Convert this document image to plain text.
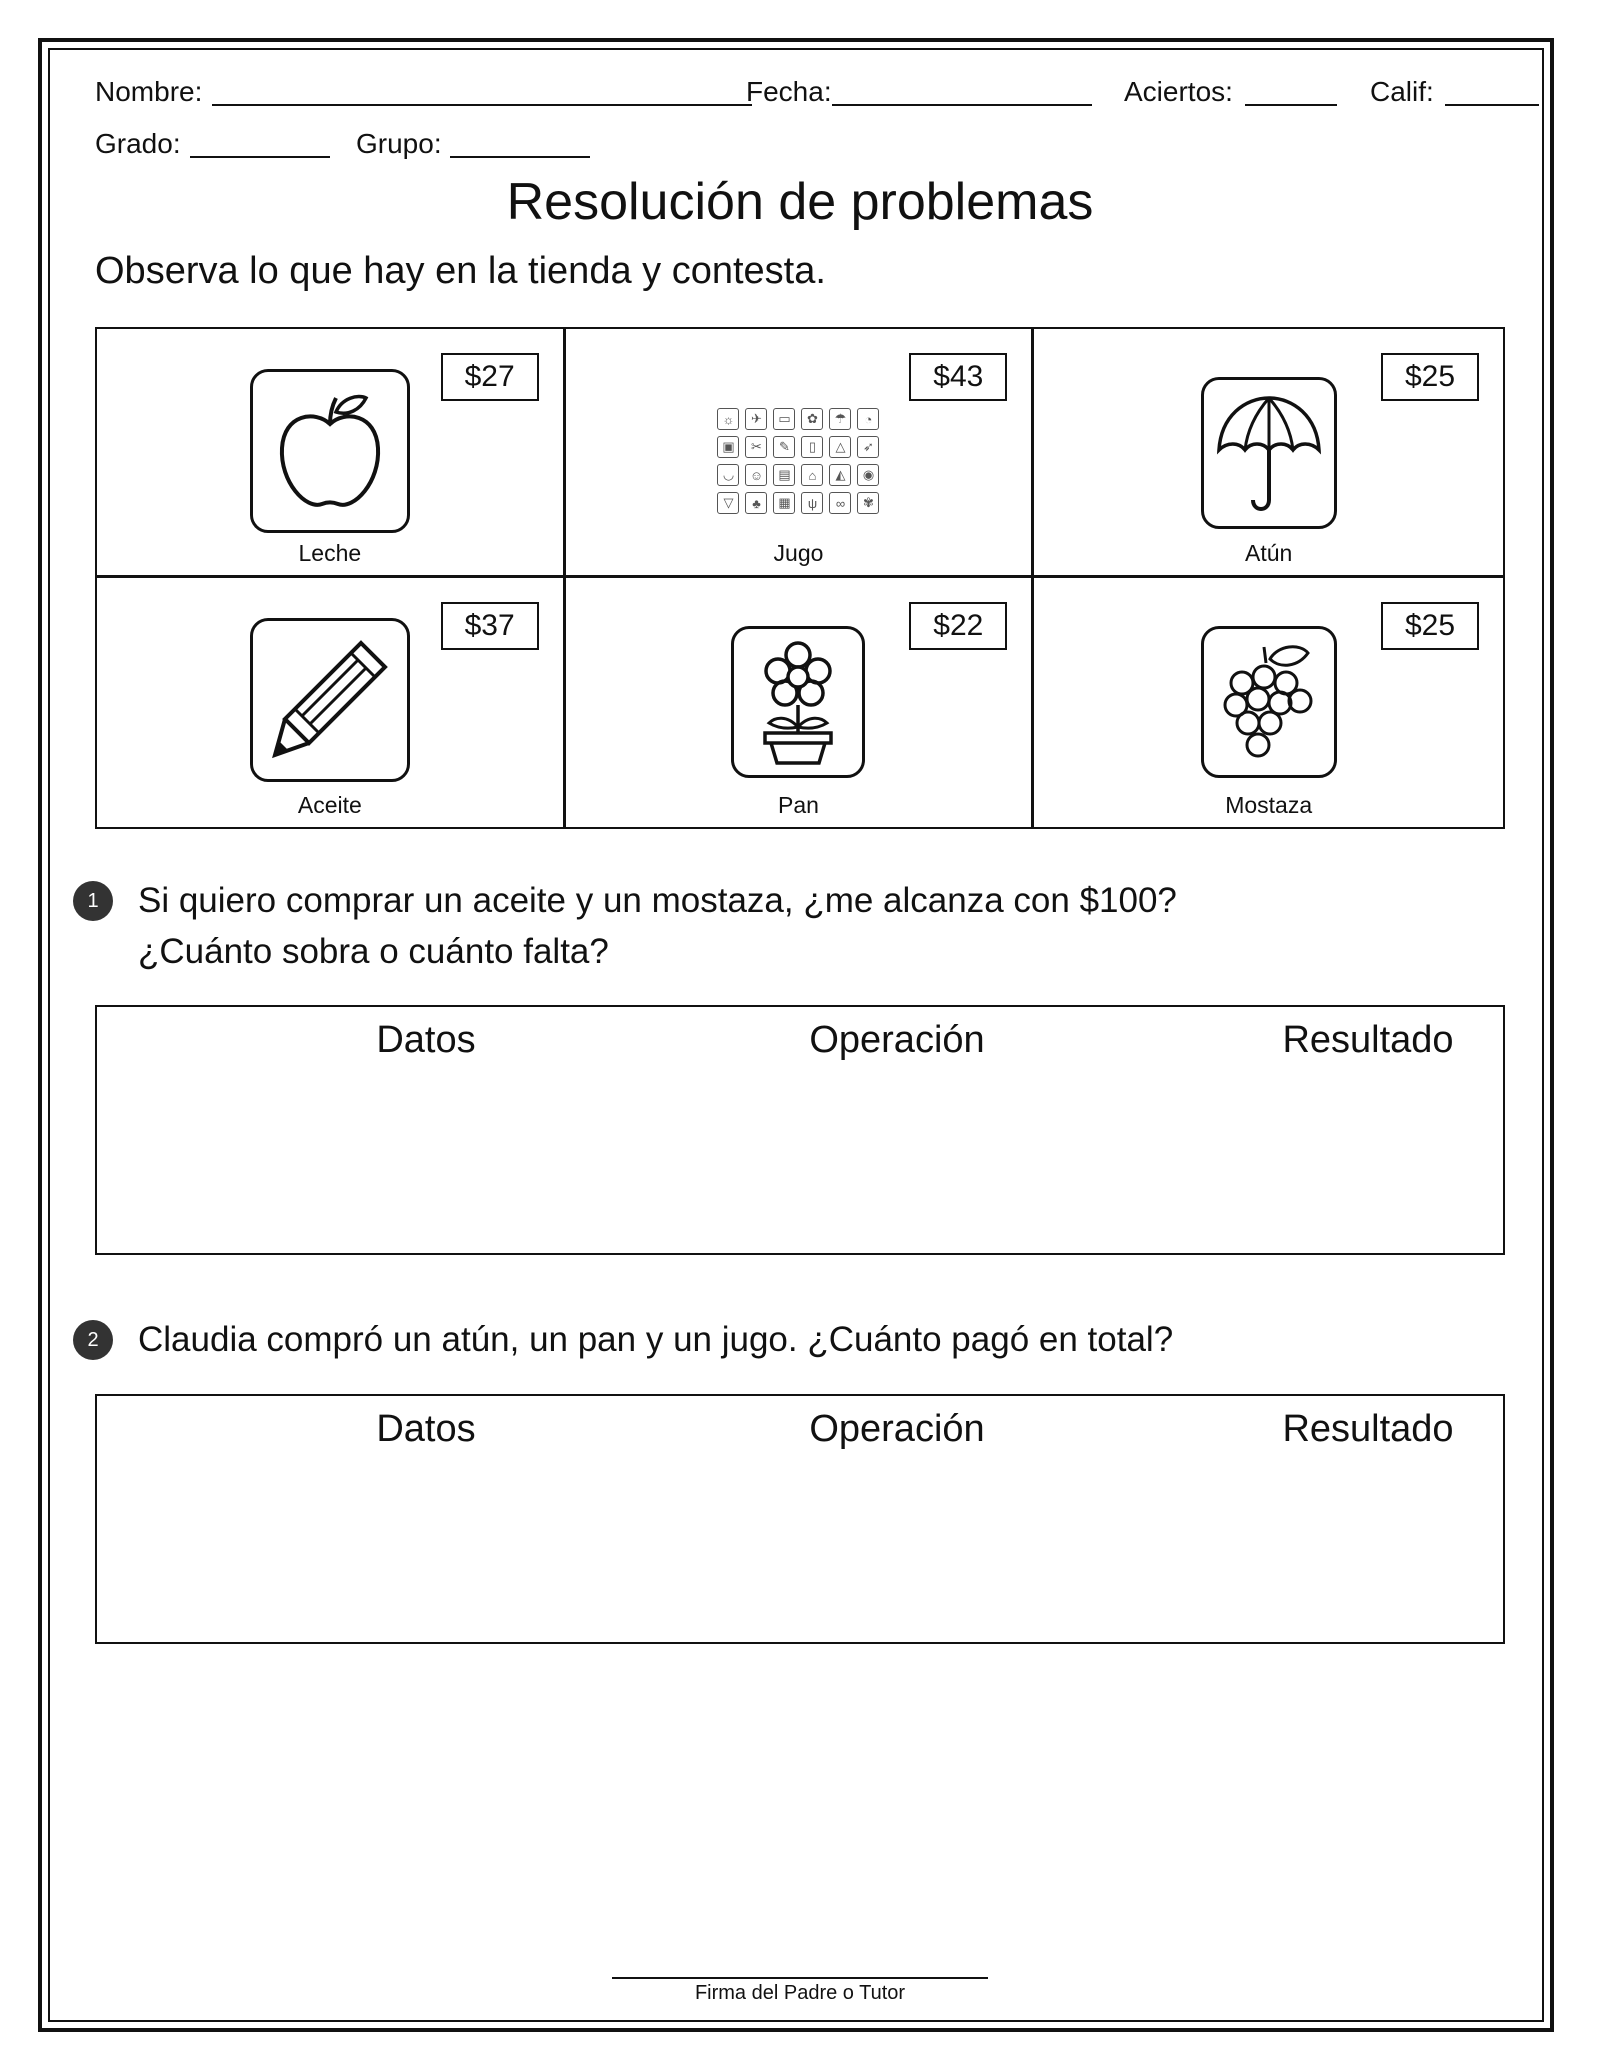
Nombre:	Fecha:	Aciertos:	Calif:
Grado:	Grupo:
Resolución de problemas
Observa lo que hay en la tienda y contesta.
$27
Leche
$43
☼	✈	▭	✿	☂	◔
▣	✂	✎	▯	△	➶
◡	☺	▤	⌂	◭	◉
▽	♣	▦	ψ	∞	✾
Jugo
$25
Atún
$37
Aceite
$22
Pan
$25
Mostaza
1	Si quiero comprar un aceite y un mostaza, ¿me alcanza con $100?
¿Cuánto sobra o cuánto falta?
Datos	Operación	Resultado
2	Claudia compró un atún, un pan y un jugo. ¿Cuánto pagó en total?
Datos	Operación	Resultado
Firma del Padre o Tutor
